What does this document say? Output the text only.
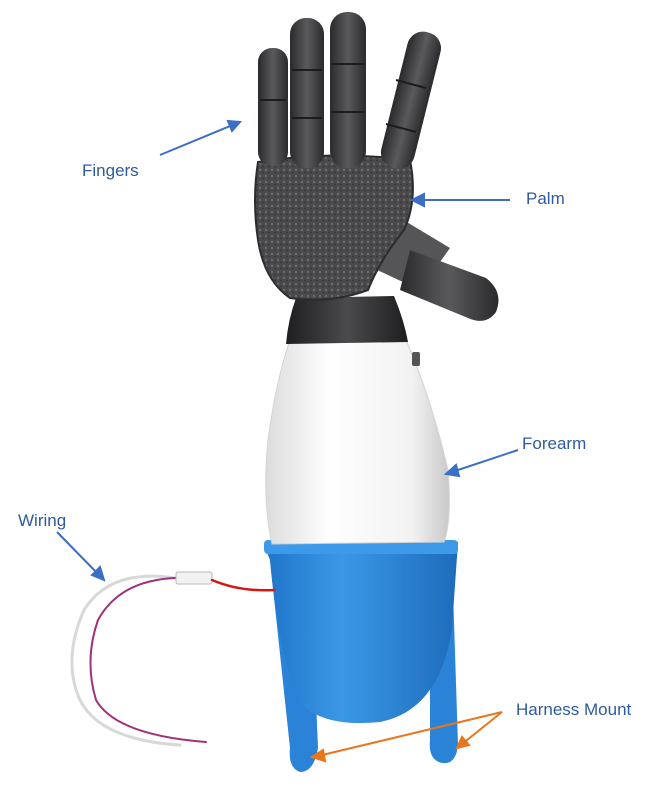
Fingers
Palm
Forearm
Wiring
Harness Mount
